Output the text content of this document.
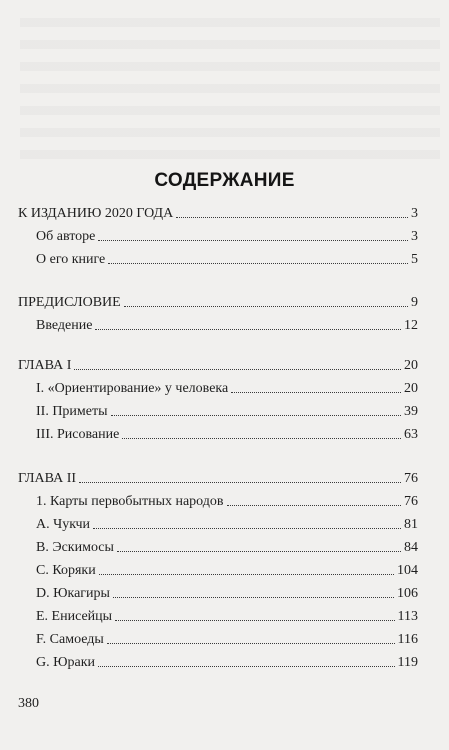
СОДЕРЖАНИЕ
К ИЗДАНИЮ 2020 ГОДА	3
Об авторе	3
О его книге	5
ПРЕДИСЛОВИЕ	9
Введение	12
ГЛАВА I	20
I. «Ориентирование» у человека	20
II. Приметы	39
III. Рисование	63
ГЛАВА II	76
1. Карты первобытных народов	76
А. Чукчи	81
В. Эскимосы	84
С. Коряки	104
D. Юкагиры	106
Е. Енисейцы	113
F. Самоеды	116
G. Юраки	119
380
